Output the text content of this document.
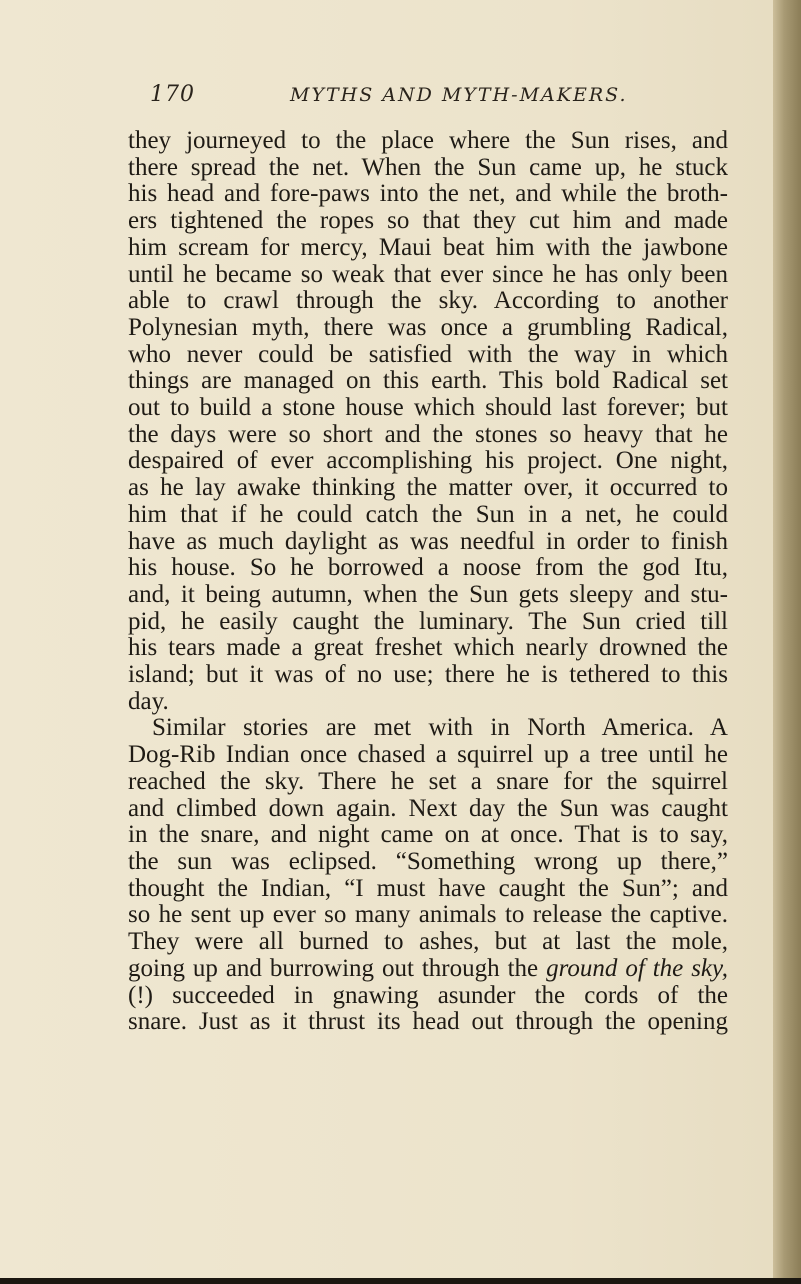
170	MYTHS AND MYTH-MAKERS.
they journeyed to the place where the Sun rises, and
there spread the net. When the Sun came up, he stuck
his head and fore-paws into the net, and while the broth-
ers tightened the ropes so that they cut him and made
him scream for mercy, Maui beat him with the jawbone
until he became so weak that ever since he has only been
able to crawl through the sky. According to another
Polynesian myth, there was once a grumbling Radical,
who never could be satisfied with the way in which
things are managed on this earth. This bold Radical set
out to build a stone house which should last forever; but
the days were so short and the stones so heavy that he
despaired of ever accomplishing his project. One night,
as he lay awake thinking the matter over, it occurred to
him that if he could catch the Sun in a net, he could
have as much daylight as was needful in order to finish
his house. So he borrowed a noose from the god Itu,
and, it being autumn, when the Sun gets sleepy and stu-
pid, he easily caught the luminary. The Sun cried till
his tears made a great freshet which nearly drowned the
island; but it was of no use; there he is tethered to this
day.
Similar stories are met with in North America. A
Dog-Rib Indian once chased a squirrel up a tree until he
reached the sky. There he set a snare for the squirrel
and climbed down again. Next day the Sun was caught
in the snare, and night came on at once. That is to say,
the sun was eclipsed. “Something wrong up there,”
thought the Indian, “I must have caught the Sun”; and
so he sent up ever so many animals to release the captive.
They were all burned to ashes, but at last the mole,
going up and burrowing out through the ground of the sky,
(!) succeeded in gnawing asunder the cords of the
snare. Just as it thrust its head out through the opening
